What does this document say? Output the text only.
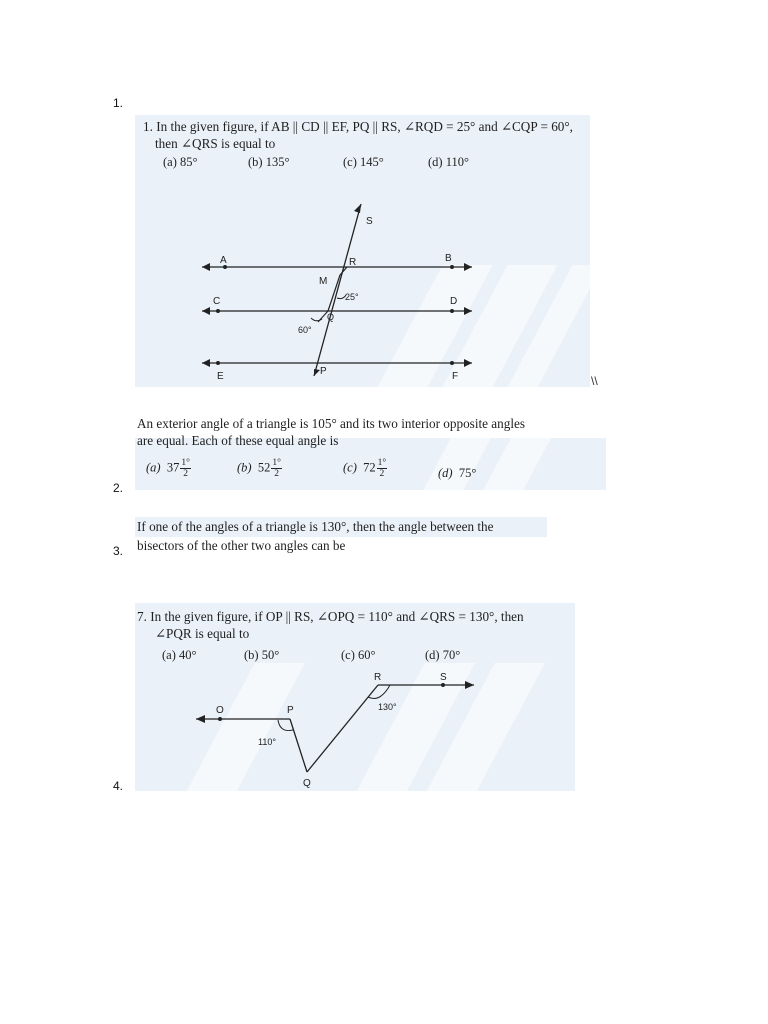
1.
2.
3.
4.
1. In the given figure, if AB || CD || EF, PQ || RS, ∠RQD = 25° and ∠CQP = 60°,
then ∠QRS is equal to
(a) 85°	(b) 135°	(c) 145°	(d) 110°
S
A	R	B
M
C	25°	D
Q
60°
E	P	F	\\
An exterior angle of a triangle is 105° and its two interior opposite angles
are equal. Each of these equal angle is
(a) $37 \frac{1^\circ}{2}$	(b) $52 \frac{1^\circ}{2}$	(c) $72 \frac{1^\circ}{2}$	(d) 75°
If one of the angles of a triangle is 130°, then the angle between the
bisectors of the other two angles can be
7. In the given figure, if OP || RS, ∠OPQ = 110° and ∠QRS = 130°, then
∠PQR is equal to
(a) 40°	(b) 50°	(c) 60°	(d) 70°
R	S
O	P	130°
110°
Q
